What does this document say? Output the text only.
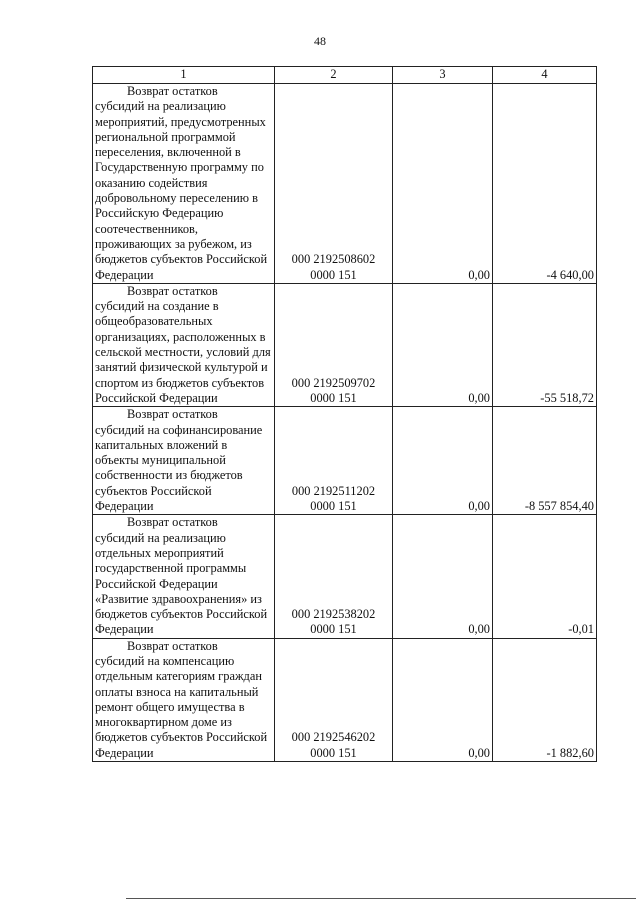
48
1	2	3	4

Возврат остатков
субсидий на реализацию мероприятий, предусмотренных региональной программой переселения, включенной в Государственную программу по оказанию содействия добровольному переселению в Российскую Федерацию соотечественников, проживающих за рубежом, из бюджетов субъектов Российской Федерации	000 2192508602
0000 151	0,00	-4 640,00

Возврат остатков
субсидий на создание в общеобразовательных организациях, расположенных в сельской местности, условий для занятий физической культурой и спортом из бюджетов субъектов Российской Федерации	000 2192509702
0000 151	0,00	-55 518,72

Возврат остатков
субсидий на софинансирование капитальных вложений в объекты муниципальной собственности из бюджетов субъектов Российской Федерации	000 2192511202
0000 151	0,00	-8 557 854,40

Возврат остатков
субсидий на реализацию отдельных мероприятий государственной программы Российской Федерации «Развитие здравоохранения» из бюджетов субъектов Российской Федерации	000 2192538202
0000 151	0,00	-0,01

Возврат остатков
субсидий на компенсацию отдельным категориям граждан оплаты взноса на капитальный ремонт общего имущества в многоквартирном доме из бюджетов субъектов Российской Федерации	000 2192546202
0000 151	0,00	-1 882,60
